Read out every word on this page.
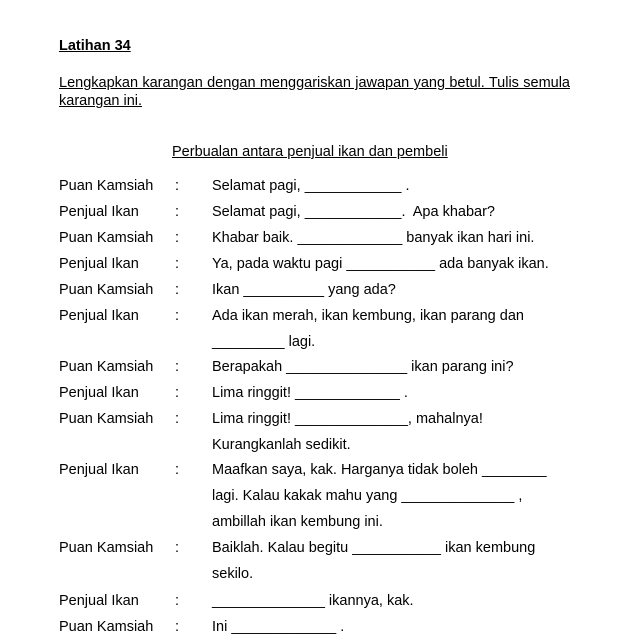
Latihan 34
Lengkapkan karangan dengan menggariskan jawapan yang betul. Tulis semula karangan ini.
Perbualan antara penjual ikan dan pembeli
Puan Kamsiah : Selamat pagi, ____________ .
Penjual Ikan : Selamat pagi, ____________.  Apa khabar?
Puan Kamsiah : Khabar baik. _____________ banyak ikan hari ini.
Penjual Ikan : Ya, pada waktu pagi ___________ ada banyak ikan.
Puan Kamsiah : Ikan __________ yang ada?
Penjual Ikan : Ada ikan merah, ikan kembung, ikan parang dan
_________ lagi.
Puan Kamsiah : Berapakah _______________ ikan parang ini?
Penjual Ikan : Lima ringgit! _____________ .
Puan Kamsiah : Lima ringgit! ______________, mahalnya!
Kurangkanlah sedikit.
Penjual Ikan : Maafkan saya, kak. Harganya tidak boleh ________
lagi. Kalau kakak mahu yang ______________ ,
ambillah ikan kembung ini.
Puan Kamsiah : Baiklah. Kalau begitu ___________ ikan kembung
sekilo.
Penjual Ikan : ______________ ikannya, kak.
Puan Kamsiah : Ini _____________ .
